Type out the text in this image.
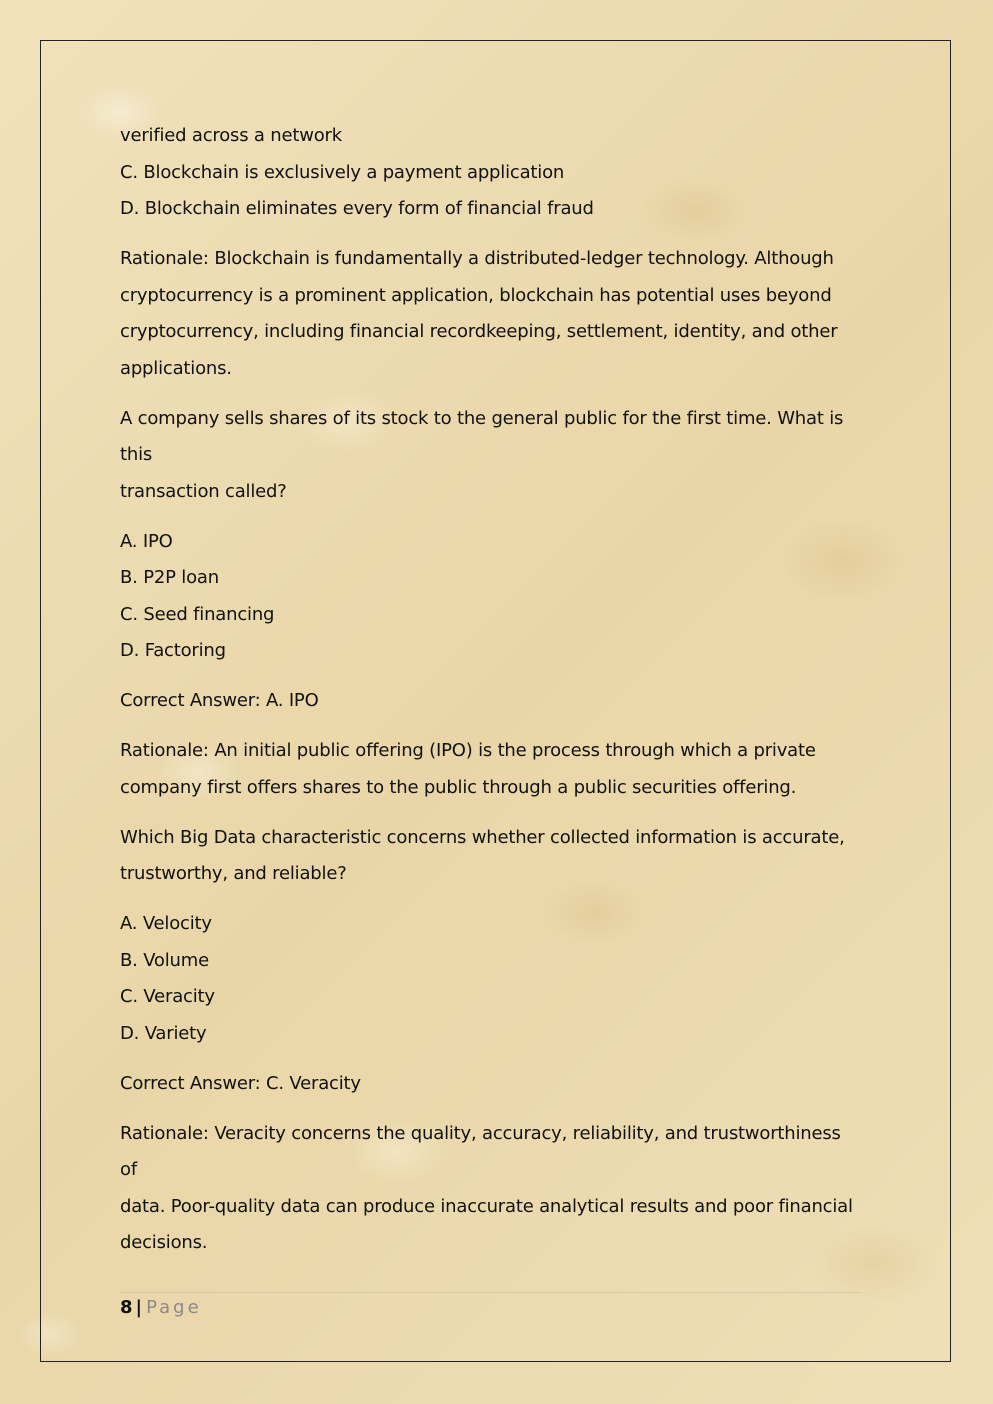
verified across a network

C. Blockchain is exclusively a payment application

D. Blockchain eliminates every form of financial fraud

Rationale: Blockchain is fundamentally a distributed-ledger technology. Although

cryptocurrency is a prominent application, blockchain has potential uses beyond

cryptocurrency, including financial recordkeeping, settlement, identity, and other

applications.

A company sells shares of its stock to the general public for the first time. What is this

transaction called?

A. IPO

B. P2P loan

C. Seed financing

D. Factoring

Correct Answer: A. IPO

Rationale: An initial public offering (IPO) is the process through which a private

company first offers shares to the public through a public securities offering.

Which Big Data characteristic concerns whether collected information is accurate,

trustworthy, and reliable?

A. Velocity

B. Volume

C. Veracity

D. Variety

Correct Answer: C. Veracity

Rationale: Veracity concerns the quality, accuracy, reliability, and trustworthiness of

data. Poor-quality data can produce inaccurate analytical results and poor financial

decisions.

8 | Page
